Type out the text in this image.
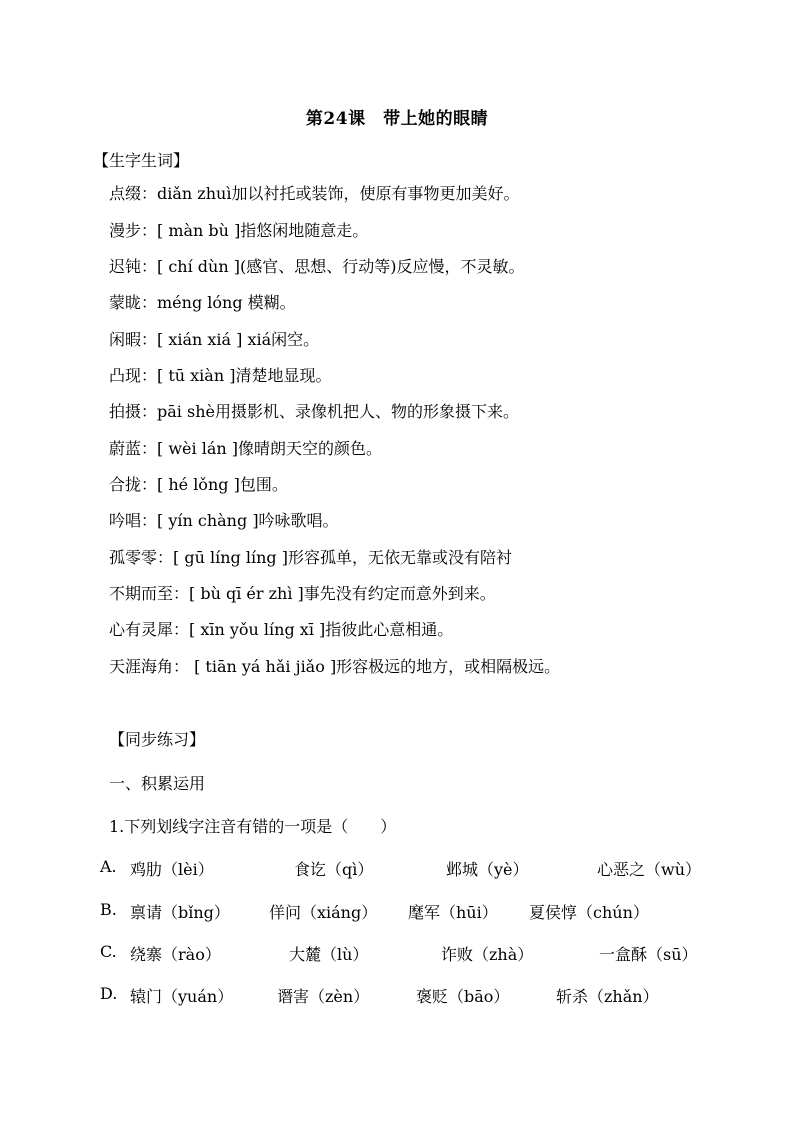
第24课　带上她的眼睛
【生字生词】
点缀：diǎn zhuì加以衬托或装饰，使原有事物更加美好。
漫步：[ màn bù ]指悠闲地随意走。
迟钝：[ chí dùn ](感官、思想、行动等)反应慢，不灵敏。
蒙眬：méng lóng 模糊。
闲暇：[ xián xiá ] xiá闲空。
凸现：[ tū xiàn ]清楚地显现。
拍摄：pāi shè用摄影机、录像机把人、物的形象摄下来。
蔚蓝：[ wèi lán ]像晴朗天空的颜色。
合拢：[ hé lǒng ]包围。
吟唱：[ yín chàng ]吟咏歌唱。
孤零零：[ gū líng líng ]形容孤单，无依无靠或没有陪衬
不期而至：[ bù qī ér zhì ]事先没有约定而意外到来。
心有灵犀：[ xīn yǒu líng xī ]指彼此心意相通。
天涯海角： [ tiān yá hǎi jiǎo ]形容极远的地方，或相隔极远。
【同步练习】
一、积累运用
1.下列划线字注音有错的一项是（　　）
A. 鸡肋（lèi）	食讫（qì）	邺城（yè）	心恶之（wù）
B. 禀请（bǐng） 佯问（xiáng） 麾军（hūi） 夏侯惇（chún）
C. 绕寨（rào）	大麓（lù）	诈败（zhà）	一盒酥（sū）
D. 辕门（yuán）	谮害（zèn）	褒贬（bāo）	斩杀（zhǎn）
